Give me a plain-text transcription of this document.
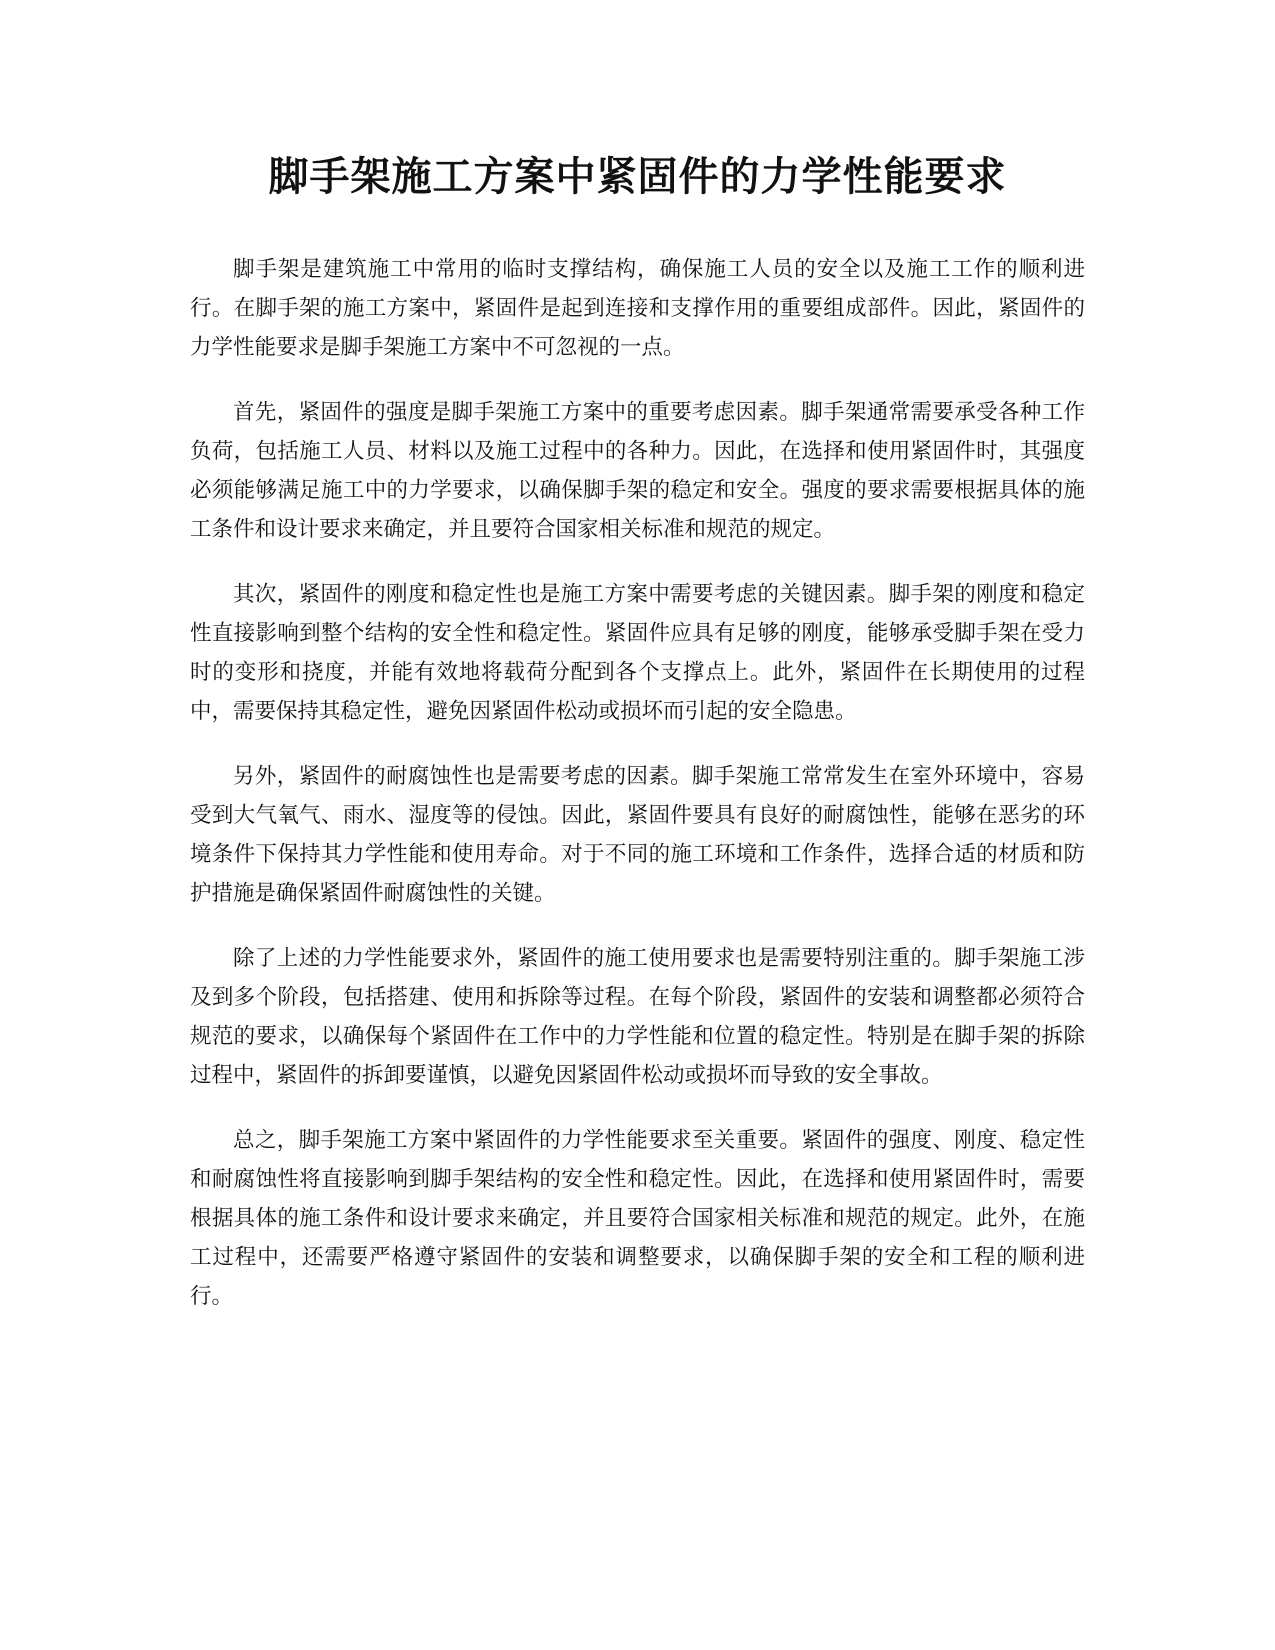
脚手架施工方案中紧固件的力学性能要求

脚手架是建筑施工中常用的临时支撑结构，确保施工人员的安全以及施工工作的顺利进行。在脚手架的施工方案中，紧固件是起到连接和支撑作用的重要组成部件。因此，紧固件的力学性能要求是脚手架施工方案中不可忽视的一点。

首先，紧固件的强度是脚手架施工方案中的重要考虑因素。脚手架通常需要承受各种工作负荷，包括施工人员、材料以及施工过程中的各种力。因此，在选择和使用紧固件时，其强度必须能够满足施工中的力学要求，以确保脚手架的稳定和安全。强度的要求需要根据具体的施工条件和设计要求来确定，并且要符合国家相关标准和规范的规定。

其次，紧固件的刚度和稳定性也是施工方案中需要考虑的关键因素。脚手架的刚度和稳定性直接影响到整个结构的安全性和稳定性。紧固件应具有足够的刚度，能够承受脚手架在受力时的变形和挠度，并能有效地将载荷分配到各个支撑点上。此外，紧固件在长期使用的过程中，需要保持其稳定性，避免因紧固件松动或损坏而引起的安全隐患。

另外，紧固件的耐腐蚀性也是需要考虑的因素。脚手架施工常常发生在室外环境中，容易受到大气氧气、雨水、湿度等的侵蚀。因此，紧固件要具有良好的耐腐蚀性，能够在恶劣的环境条件下保持其力学性能和使用寿命。对于不同的施工环境和工作条件，选择合适的材质和防护措施是确保紧固件耐腐蚀性的关键。

除了上述的力学性能要求外，紧固件的施工使用要求也是需要特别注重的。脚手架施工涉及到多个阶段，包括搭建、使用和拆除等过程。在每个阶段，紧固件的安装和调整都必须符合规范的要求，以确保每个紧固件在工作中的力学性能和位置的稳定性。特别是在脚手架的拆除过程中，紧固件的拆卸要谨慎，以避免因紧固件松动或损坏而导致的安全事故。

总之，脚手架施工方案中紧固件的力学性能要求至关重要。紧固件的强度、刚度、稳定性和耐腐蚀性将直接影响到脚手架结构的安全性和稳定性。因此，在选择和使用紧固件时，需要根据具体的施工条件和设计要求来确定，并且要符合国家相关标准和规范的规定。此外，在施工过程中，还需要严格遵守紧固件的安装和调整要求，以确保脚手架的安全和工程的顺利进行。
